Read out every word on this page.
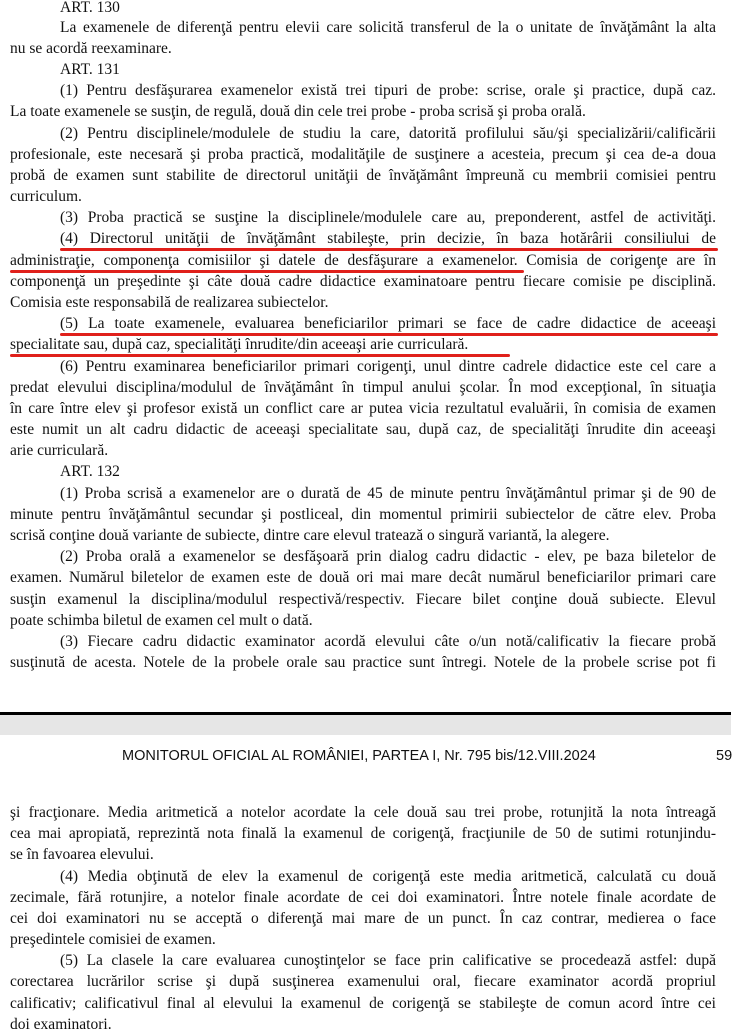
ART. 130
La examenele de diferenţă pentru elevii care solicită transferul de la o unitate de învăţământ la alta
nu se acordă reexaminare.
ART. 131
(1) Pentru desfăşurarea examenelor există trei tipuri de probe: scrise, orale şi practice, după caz.
La toate examenele se susţin, de regulă, două din cele trei probe - proba scrisă şi proba orală.
(2) Pentru disciplinele/modulele de studiu la care, datorită profilului său/şi specializării/calificării
profesionale, este necesară şi proba practică, modalităţile de susţinere a acesteia, precum şi cea de-a doua
probă de examen sunt stabilite de directorul unităţii de învăţământ împreună cu membrii comisiei pentru
curriculum.
(3) Proba practică se susţine la disciplinele/modulele care au, preponderent, astfel de activităţi.
(4) Directorul unităţii de învăţământ stabileşte, prin decizie, în baza hotărârii consiliului de
administraţie, componenţa comisiilor şi datele de desfăşurare a examenelor. Comisia de corigenţe are în
componenţă un preşedinte şi câte două cadre didactice examinatoare pentru fiecare comisie pe disciplină.
Comisia este responsabilă de realizarea subiectelor.
(5) La toate examenele, evaluarea beneficiarilor primari se face de cadre didactice de aceeaşi
specialitate sau, după caz, specialităţi înrudite/din aceeaşi arie curriculară.
(6) Pentru examinarea beneficiarilor primari corigenţi, unul dintre cadrele didactice este cel care a
predat elevului disciplina/modulul de învăţământ în timpul anului şcolar. În mod excepţional, în situaţia
în care între elev şi profesor există un conflict care ar putea vicia rezultatul evaluării, în comisia de examen
este numit un alt cadru didactic de aceeaşi specialitate sau, după caz, de specialităţi înrudite din aceeaşi
arie curriculară.
ART. 132
(1) Proba scrisă a examenelor are o durată de 45 de minute pentru învăţământul primar şi de 90 de
minute pentru învăţământul secundar şi postliceal, din momentul primirii subiectelor de către elev. Proba
scrisă conţine două variante de subiecte, dintre care elevul tratează o singură variantă, la alegere.
(2) Proba orală a examenelor se desfăşoară prin dialog cadru didactic - elev, pe baza biletelor de
examen. Numărul biletelor de examen este de două ori mai mare decât numărul beneficiarilor primari care
susţin examenul la disciplina/modulul respectivă/respectiv. Fiecare bilet conţine două subiecte. Elevul
poate schimba biletul de examen cel mult o dată.
(3) Fiecare cadru didactic examinator acordă elevului câte o/un notă/calificativ la fiecare probă
susţinută de acesta. Notele de la probele orale sau practice sunt întregi. Notele de la probele scrise pot fi
MONITORUL OFICIAL AL ROMÂNIEI, PARTEA I, Nr. 795 bis/12.VIII.2024	59
şi fracţionare. Media aritmetică a notelor acordate la cele două sau trei probe, rotunjită la nota întreagă
cea mai apropiată, reprezintă nota finală la examenul de corigenţă, fracţiunile de 50 de sutimi rotunjindu-
se în favoarea elevului.
(4) Media obţinută de elev la examenul de corigenţă este media aritmetică, calculată cu două
zecimale, fără rotunjire, a notelor finale acordate de cei doi examinatori. Între notele finale acordate de
cei doi examinatori nu se acceptă o diferenţă mai mare de un punct. În caz contrar, medierea o face
preşedintele comisiei de examen.
(5) La clasele la care evaluarea cunoştinţelor se face prin calificative se procedează astfel: după
corectarea lucrărilor scrise şi după susţinerea examenului oral, fiecare examinator acordă propriul
calificativ; calificativul final al elevului la examenul de corigenţă se stabileşte de comun acord între cei
doi examinatori.
